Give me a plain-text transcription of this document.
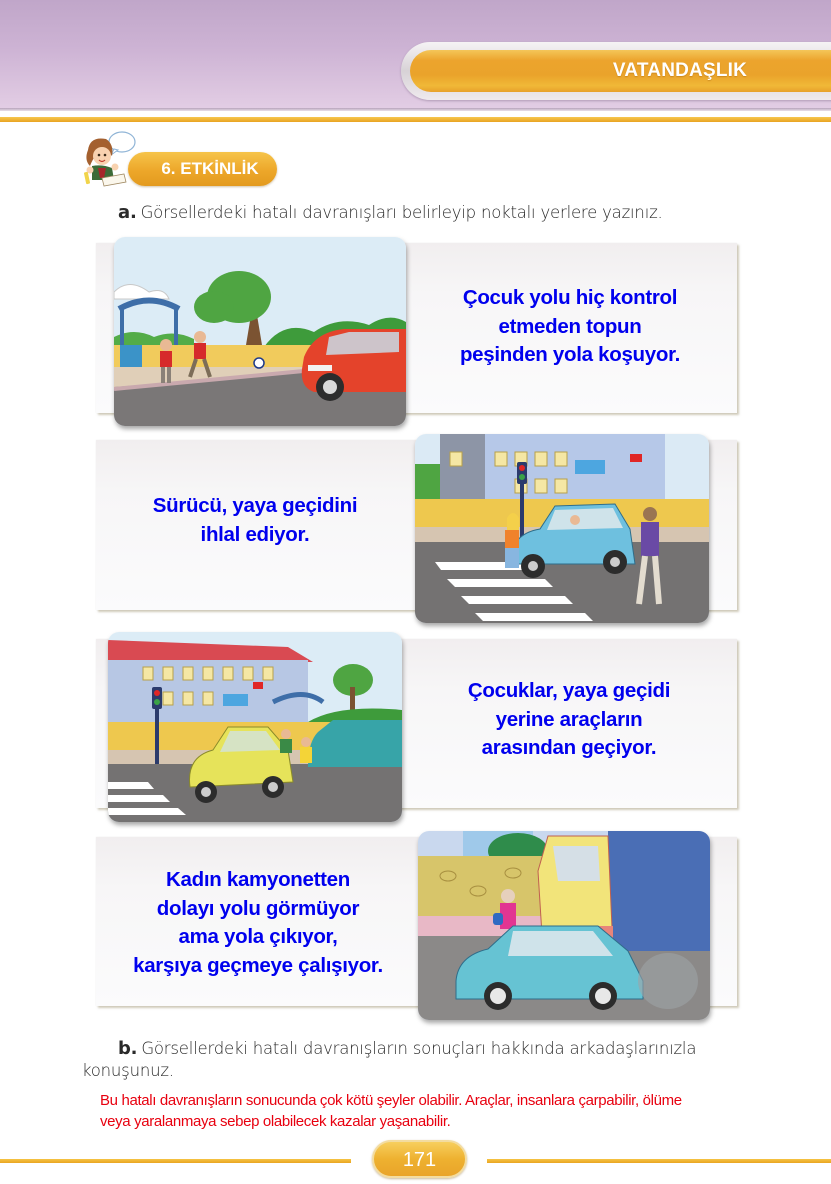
VATANDAŞLIK
6. ETKİNLİK
a. Görsellerdeki hatalı davranışları belirleyip noktalı yerlere yazınız.
Çocuk yolu hiç kontrol
etmeden topun
peşinden yola koşuyor.
Sürücü, yaya geçidini
ihlal ediyor.
Çocuklar, yaya geçidi
yerine araçların
arasından geçiyor.
Kadın kamyonetten
dolayı yolu görmüyor
ama yola çıkıyor,
karşıya geçmeye çalışıyor.
b. Görsellerdeki hatalı davranışların sonuçları hakkında arkadaşlarınızla
konuşunuz.
Bu hatalı davranışların sonucunda çok kötü şeyler olabilir. Araçlar, insanlara çarpabilir, ölüme
veya yaralanmaya sebep olabilecek kazalar yaşanabilir.
171
